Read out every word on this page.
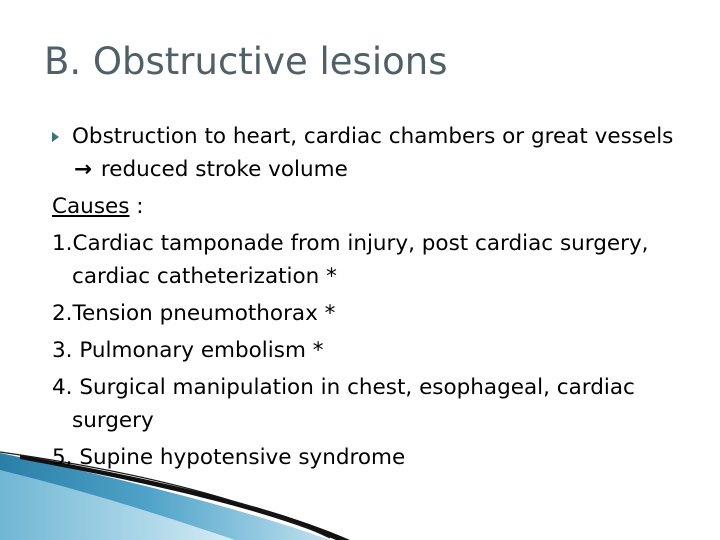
B. Obstructive lesions

Obstruction to heart, cardiac chambers or great vessels → reduced stroke volume

Causes :

1.Cardiac tamponade from injury, post cardiac surgery, cardiac catheterization *

2.Tension pneumothorax *

3. Pulmonary embolism *

4. Surgical manipulation in chest, esophageal, cardiac surgery

5. Supine hypotensive syndrome
